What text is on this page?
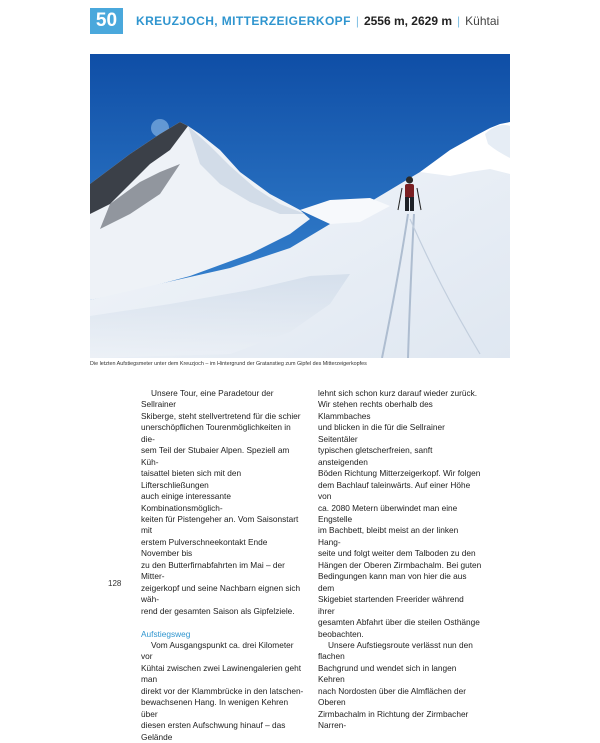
50	KREUZJOCH, MITTERZEIGERKOPF | 2556 m, 2629 m | Kühtai
Die letzten Aufstiegsmeter unter dem Kreuzjoch – im Hintergrund der Gratanstieg zum Gipfel des Mitterzeigerkopfes

Unsere Tour, eine Paradetour der Sellrainer

Skiberge, steht stellvertretend für die schier

unerschöpflichen Tourenmöglichkeiten in die-

sem Teil der Stubaier Alpen. Speziell am Küh-

taisattel bieten sich mit den Lifterschließungen

auch einige interessante Kombinationsmöglich-

keiten für Pistengeher an. Vom Saisonstart mit

erstem Pulverschneekontakt Ende November bis

zu den Butterfirnabfahrten im Mai – der Mitter-

zeigerkopf und seine Nachbarn eignen sich wäh-

rend der gesamten Saison als Gipfelziele.

Aufstiegsweg

Vom Ausgangspunkt ca. drei Kilometer vor

Kühtai zwischen zwei Lawinengalerien geht man

direkt vor der Klammbrücke in den latschen-

bewachsenen Hang. In wenigen Kehren über

diesen ersten Aufschwung hinauf – das Gelände

lehnt sich schon kurz darauf wieder zurück.

Wir stehen rechts oberhalb des Klammbaches

und blicken in die für die Sellrainer Seitentäler

typischen gletscherfreien, sanft ansteigenden

Böden Richtung Mitterzeigerkopf. Wir folgen

dem Bachlauf taleinwärts. Auf einer Höhe von

ca. 2080 Metern überwindet man eine Engstelle

im Bachbett, bleibt meist an der linken Hang-

seite und folgt weiter dem Talboden zu den

Hängen der Oberen Zirmbachalm. Bei guten

Bedingungen kann man von hier die aus dem

Skigebiet startenden Freerider während ihrer

gesamten Abfahrt über die steilen Osthänge

beobachten.

Unsere Aufstiegsroute verlässt nun den flachen

Bachgrund und wendet sich in langen Kehren

nach Nordosten über die Almflächen der Oberen

Zirmbachalm in Richtung der Zirmbacher Narren-

128
